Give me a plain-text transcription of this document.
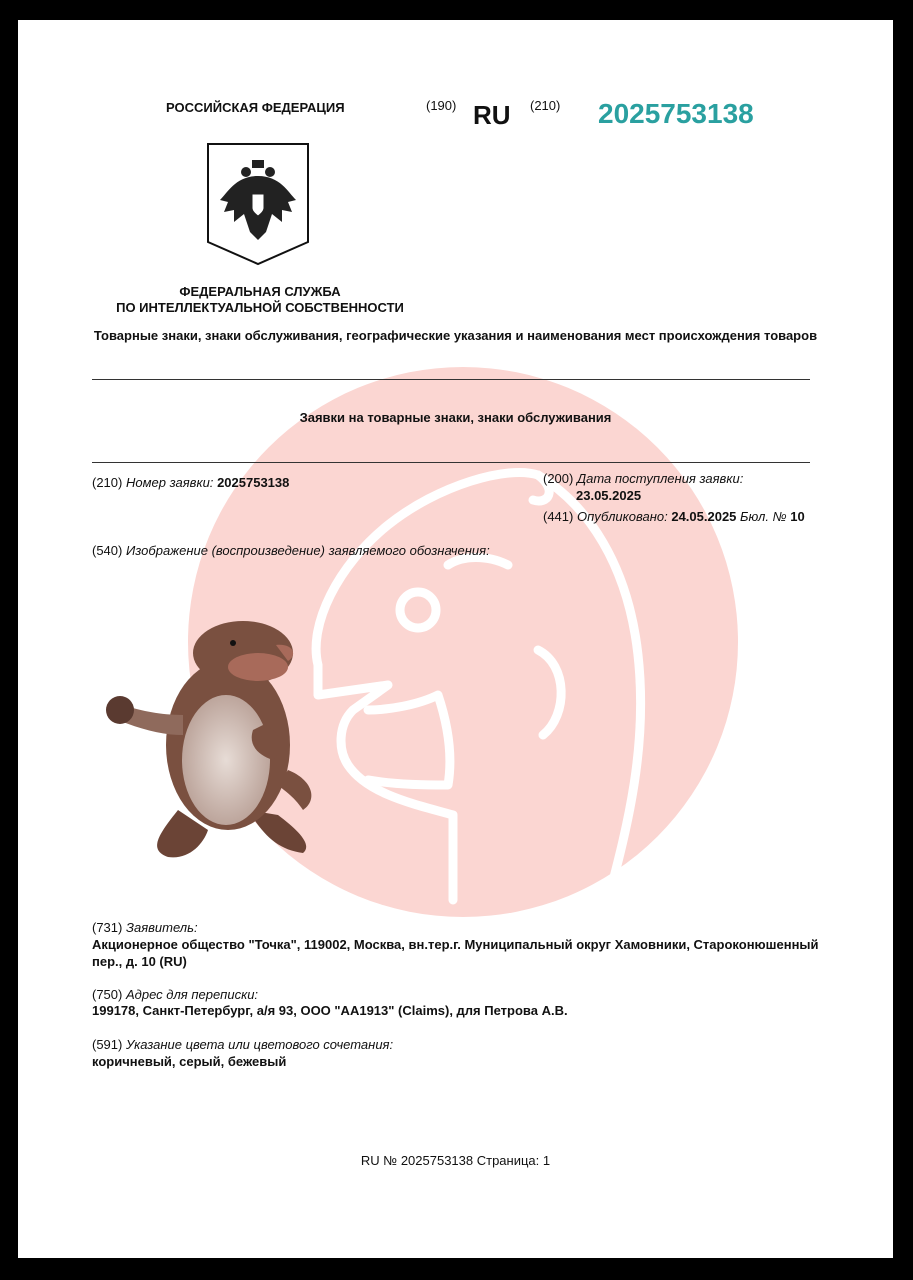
РОССИЙСКАЯ ФЕДЕРАЦИЯ	(190) RU (210) 2025753138
ФЕДЕРАЛЬНАЯ СЛУЖБА
ПО ИНТЕЛЛЕКТУАЛЬНОЙ СОБСТВЕННОСТИ
Товарные знаки, знаки обслуживания, географические указания и наименования мест происхождения товаров
Заявки на товарные знаки, знаки обслуживания
(210) Номер заявки: 2025753138	(200) Дата поступления заявки:
23.05.2025
(441) Опубликовано: 24.05.2025 Бюл. № 10
(540) Изображение (воспроизведение) заявляемого обозначения:
(731) Заявитель:
Акционерное общество "Точка", 119002, Москва, вн.тер.г. Муниципальный округ Хамовники, Староконюшенный пер., д. 10 (RU)
(750) Адрес для переписки:
199178, Санкт-Петербург, а/я 93, ООО "АА1913" (Claims), для Петрова А.В.
(591) Указание цвета или цветового сочетания:
коричневый, серый, бежевый
RU № 2025753138 Страница: 1
